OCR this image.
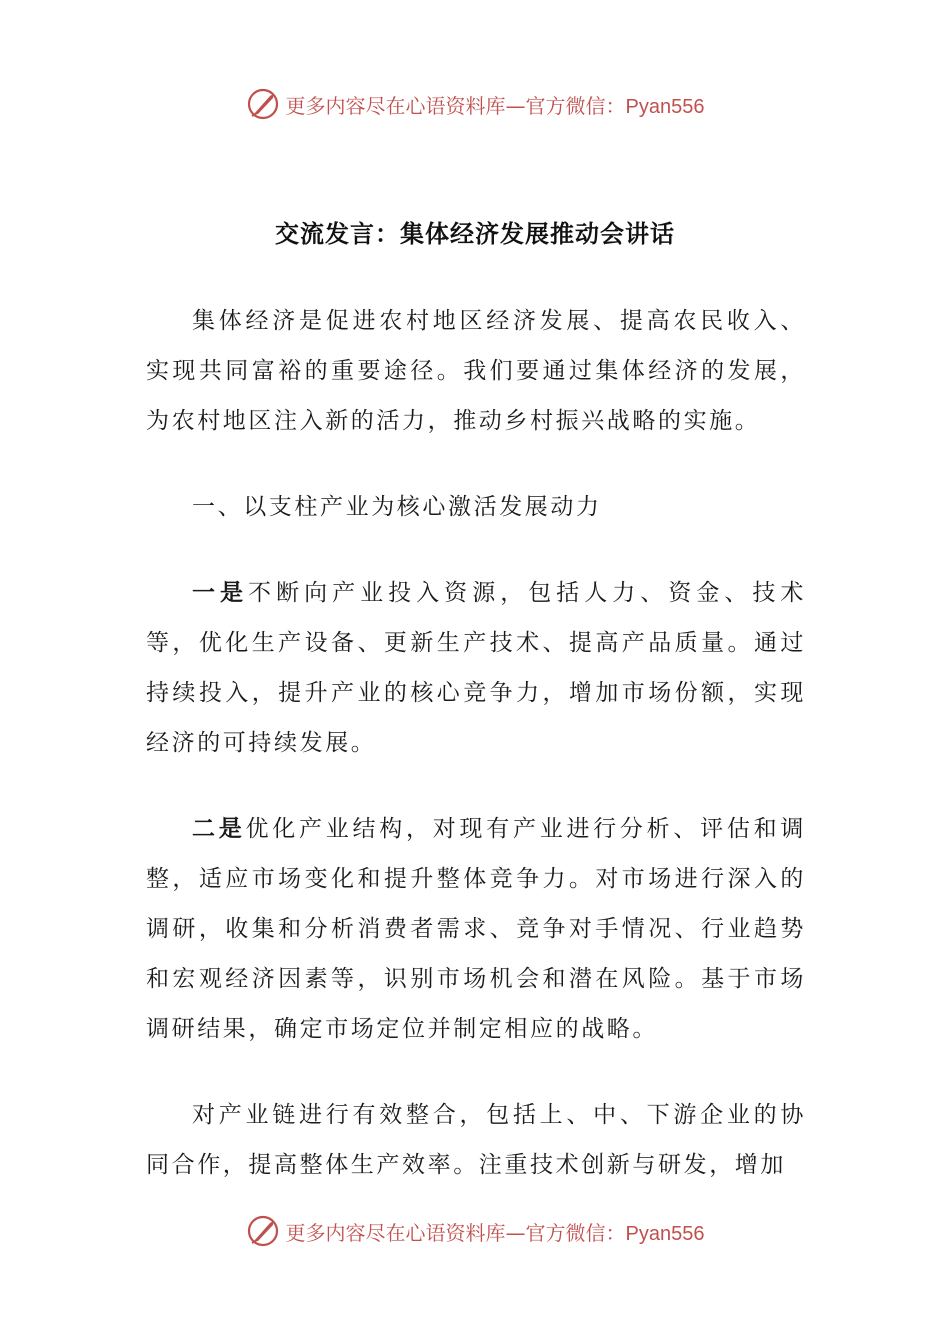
更多内容尽在心语资料库—官方微信：Pyan556
交流发言：集体经济发展推动会讲话

集体经济是促进农村地区经济发展、提高农民收入、实现共同富裕的重要途径。我们要通过集体经济的发展，为农村地区注入新的活力，推动乡村振兴战略的实施。

一、以支柱产业为核心激活发展动力

一是不断向产业投入资源，包括人力、资金、技术等，优化生产设备、更新生产技术、提高产品质量。通过持续投入，提升产业的核心竞争力，增加市场份额，实现经济的可持续发展。

二是优化产业结构，对现有产业进行分析、评估和调整，适应市场变化和提升整体竞争力。对市场进行深入的调研，收集和分析消费者需求、竞争对手情况、行业趋势和宏观经济因素等，识别市场机会和潜在风险。基于市场调研结果，确定市场定位并制定相应的战略。

对产业链进行有效整合，包括上、中、下游企业的协同合作，提高整体生产效率。注重技术创新与研发，增加

更多内容尽在心语资料库—官方微信：Pyan556
